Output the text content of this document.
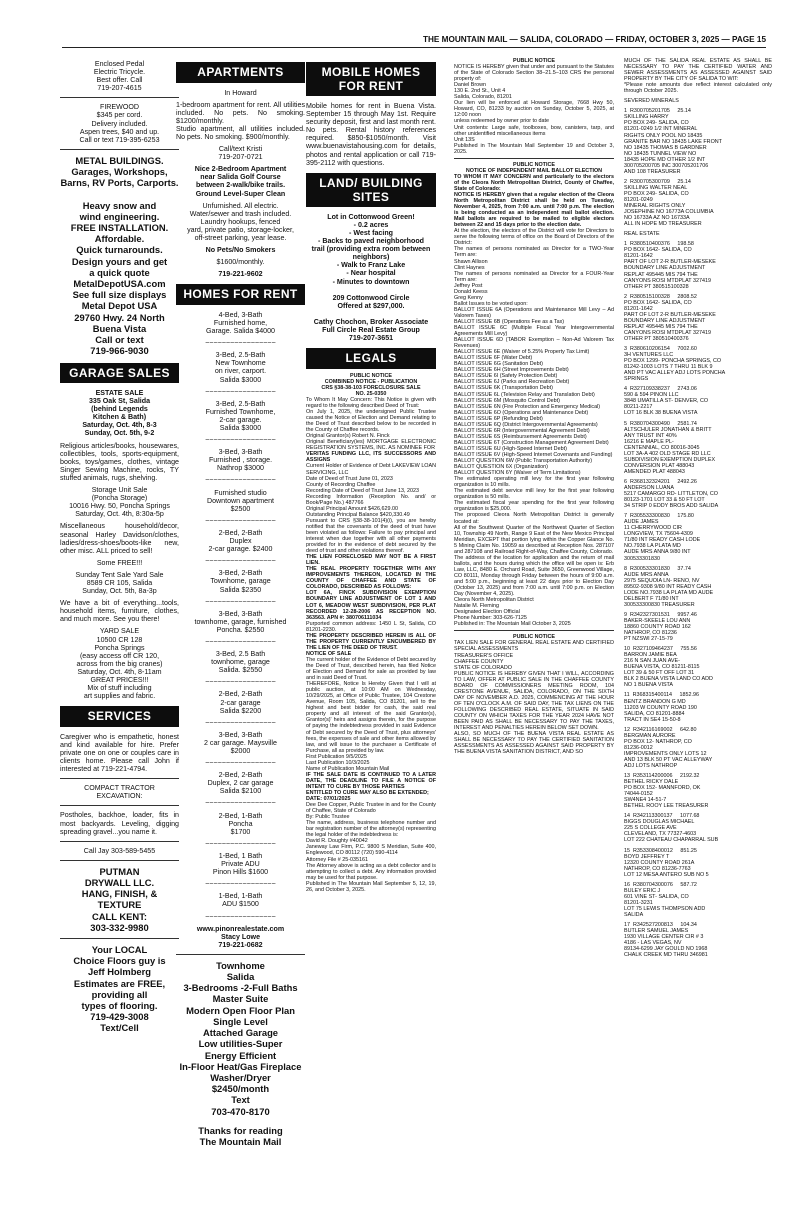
THE MOUNTAIN MAIL — SALIDA, COLORADO — FRIDAY, OCTOBER 3, 2025 — PAGE 15
Enclosed Pedal
Electric Tricycle.
Best offer. Call
719-207-4615
FIREWOOD
$345 per cord.
Delivery included.
Aspen trees, $40 and up.
Call or text 719-395-6253
METAL BUILDINGS.
Garages, Workshops,
Barns, RV Ports, Carports.

Heavy snow and
wind engineering.
FREE INSTALLATION.
Affordable.
Quick turnarounds.
Design yours and get
a quick quote
MetalDepotUSA.com
See full size displays
Metal Depot USA
29760 Hwy. 24 North
Buena Vista
Call or text
719-966-9030
GARAGE SALES
ESTATE SALE
335 Oak St, Salida
(behind Legends
Kitchen & Bath)
Saturday, Oct. 4th, 8-3
Sunday, Oct. 5th, 9-2
Religious articles/books, housewares, collectibles, tools, sports-equipment, books, toys/games, clothes, vintage Singer Sewing Machine, rocks, TY stuffed animals, rugs, shelving.
Storage Unit Sale
(Poncha Storage)
10016 Hwy. 50, Poncha Springs
Saturday, Oct. 4th, 8:30a-5p
Miscellaneous household/decor, seasonal Harley Davidson/clothes, ladies/dress-shoes/boots-like new, other misc. ALL priced to sell!
Some FREE!!!
Sunday Tent Sale Yard Sale
8589 CR 105, Salida
Sunday, Oct. 5th, 8a-3p
We have a bit of everything...tools, household items, furniture, clothes, and much more. See you there!
YARD SALE
10500 CR 128
Poncha Springs
(easy access off CR 120,
across from the big cranes)
Saturday, Oct. 4th, 8-11am
GREAT PRICES!!!
Mix of stuff including
art supplies and fabric.
SERVICES
Caregiver who is empathetic, honest and kind available for hire. Prefer private one on one or couples care in clients home. Please call John if interested at 719-221-4794.
COMPACT TRACTOR
EXCAVATION:
Postholes, backhoe, loader, fits in most backyards. Leveling, digging spreading gravel...you name it.
Call Jay 303-589-5455
PUTMAN
DRYWALL LLC.
HANG, FINISH, &
TEXTURE
CALL KENT:
303-332-9980
Your LOCAL
Choice Floors guy is
Jeff Holmberg
Estimates are FREE,
providing all
types of flooring.
719-429-3008
Text/Cell
APARTMENTS
In Howard
1-bedroom apartment for rent. All utilities included. No pets. No smoking. $1200/monthly.
Studio apartment, all utilities included. No pets. No smoking. $900/monthly.
Call/text Kristi
719-207-0721
Nice 2-Bedroom Apartment
near Salida Golf Course
between 2-walk/bike trails.
Ground Level-Super Clean
Unfurnished. All electric.
Water/sewer and trash included.
Laundry hookups, fenced
yard, private patio, storage-locker,
off-street parking, year lease.
No Pets/No Smokers
$1600/monthly.
719-221-9602
HOMES FOR RENT
4-Bed, 3-Bath
Furnished home,
Garage. Salida $4000
~~~~~~~~~~~~~~~~~
3-Bed, 2.5-Bath
New Townhome
on river, carport.
Salida $3000
~~~~~~~~~~~~~~~~~
3-Bed, 2.5-Bath
Furnished Townhome,
2-car garage.
Salida $3000
~~~~~~~~~~~~~~~~~
3-Bed, 3-Bath
Furnished , storage.
Nathrop $3000
~~~~~~~~~~~~~~~~~
Furnished studio
Downtown apartment
$2500
~~~~~~~~~~~~~~~~~
2-Bed, 2-Bath
Duplex
2-car garage. $2400
~~~~~~~~~~~~~~~~~
3-Bed, 2-Bath
Townhome, garage
Salida $2350
~~~~~~~~~~~~~~~~~
3-Bed, 3-Bath
townhome, garage, furnished
Poncha. $2550
~~~~~~~~~~~~~~~~~
3-Bed, 2.5 Bath
townhome, garage
Salida. $2550
~~~~~~~~~~~~~~~~~
2-Bed, 2-Bath
2-car garage
Salida $2200
~~~~~~~~~~~~~~~~~
3-Bed, 3-Bath
2 car garage. Maysville
$2000
~~~~~~~~~~~~~~~~~
2-Bed, 2-Bath
Duplex, 2 car garage
Salida $2100
~~~~~~~~~~~~~~~~~
2-Bed, 1-Bath
Poncha
$1700
~~~~~~~~~~~~~~~~~
1-Bed, 1 Bath
Private ADU
Pinon Hills $1600
~~~~~~~~~~~~~~~~~
1-Bed, 1-Bath
ADU $1500
~~~~~~~~~~~~~~~~~
www.pinonrealestate.com
Stacy Lowe
719-221-0682
Townhome
Salida
3-Bedrooms -2-Full Baths
Master Suite
Modern Open Floor Plan
Single Level
Attached Garage
Low utilities-Super
Energy Efficient
In-Floor Heat/Gas Fireplace
Washer/Dryer
$2450/month
Text
703-470-8170
Thanks for reading
The Mountain Mail
MOBILE HOMES
FOR RENT
Mobile homes for rent in Buena Vista. September 15 through May 1st. Require security deposit, first and last month rent. No pets. Rental history references required. $850-$1050/month. Visit www.buenavistahousing.com for details, photos and rental application or call 719-395-2112 with questions.
LAND/ BUILDING
SITES
Lot in Cottonwood Green!
- 0.2 acres
- West facing
- Backs to paved neighborhood
trail (providing extra room between
neighbors)
- Walk to Franz Lake
- Near hospital
- Minutes to downtown

209 Cottonwood Circle
Offered at $297,000.

Cathy Chochon, Broker Associate
Full Circle Real Estate Group
719-207-3651
LEGALS
PUBLIC NOTICE
COMBINED NOTICE - PUBLICATION
CRS §38-38-103 FORECLOSURE SALE
NO. 25-0350
To Whom It May Concern: This Notice is given with regard to the following described Deed of Trust:
On July 1, 2025, the undersigned Public Trustee caused the Notice of Election and Demand relating to the Deed of Trust described below to be recorded in the County of Chaffee records.
Original Grantor(s) Robert N. Finck
Original Beneficiary(ies) MORTGAGE ELECTRONIC REGISTRATION SYSTEMS, INC. AS NOMINEE FOR
VERITAS FUNDING LLC, ITS SUCCESSORS AND ASSIGNS
Current Holder of Evidence of Debt LAKEVIEW LOAN SERVICING, LLC
Date of Deed of Trust June 01, 2023
County of Recording Chaffee
Recording Date of Deed of Trust June 13, 2023
Recording Information (Reception No. and/ or Book/Page No.) 487766
Original Principal Amount $426,629.00
Outstanding Principal Balance $420,330.49
Pursuant to CRS §38-38-101(4)(i), you are hereby notified that the covenants of the deed of trust have been violated as follows: Failure to pay principal and interest when due together with all other payments provided for in the evidence of debt secured by the deed of trust and other violations thereof.
THE LIEN FORECLOSED MAY NOT BE A FIRST LIEN.
THE REAL PROPERTY TOGETHER WITH ANY IMPROVEMENTS THEREON, LOCATED IN THE COUNTY OF CHAFFEE AND STATE OF COLORADO, DESCRIBED AS FOLLOWS:
LOT 6A, FINCK SUBDIVISION EXEMPTION BOUNDARY LINE ADJUSTMENT OF LOT 1 AND LOT 6, MEADOW WEST SUBDIVISION, PER PLAT RECORDED 12-28-2006 AS RECEPTION NO. 363563. APN #: 380706111034
Purported common address: 1450 L St, Salida, CO 81201-2230.
THE PROPERTY DESCRIBED HEREIN IS ALL OF THE PROPERTY CURRENTLY ENCUMBERED BY THE LIEN OF THE DEED OF TRUST.
NOTICE OF SALE
The current holder of the Evidence of Debt secured by the Deed of Trust, described herein, has filed Notice of Election and Demand for sale as provided by law and in said Deed of Trust.
THEREFORE, Notice Is Hereby Given that I will at public auction, at 10:00 AM on Wednesday, 10/29/2025, at Office of Public Trustee, 104 Crestone Avenue, Room 105, Salida, CO 81201, sell to the highest and best bidder for cash, the said real property and all interest of the said Grantor(s), Grantor(s)' heirs and assigns therein, for the purpose of paying the indebtedness provided in said Evidence of Debt secured by the Deed of Trust, plus attorneys' fees, the expenses of sale and other items allowed by law, and will issue to the purchaser a Certificate of Purchase, all as provided by law.
First Publication 9/5/2025
Last Publication 10/3/2025
Name of Publication Mountain Mail
IF THE SALE DATE IS CONTINUED TO A LATER DATE, THE DEADLINE TO FILE A NOTICE OF INTENT TO CURE BY THOSE PARTIES
ENTITLED TO CURE MAY ALSO BE EXTENDED;
DATE: 07/01/2025
Dee Dee Copper, Public Trustee in and for the County of Chaffee, State of Colorado
By: Public Trustee
The name, address, business telephone number and bar registration number of the attorney(s) representing the legal holder of the indebtedness is:
David R. Doughty #40042
Janeway Law Firm, P.C. 9800 S Meridian, Suite 400, Englewood, CO 80112 (720) 590-4114
Attorney File # 25-035161
The Attorney above is acting as a debt collector and is attempting to collect a debt. Any information provided may be used for that purpose.
Published in The Mountain Mail September 5, 12, 19, 26, and October 3, 2025.
PUBLIC NOTICE
NOTICE IS HEREBY given that under and pursuant to the Statutes of the State of Colorado Section 38–21.5–103 CRS the personal property of:
Daniel Brown
130 E. 2nd St., Unit 4
Salida, Colorado, 81201
Our lien will be enforced at Howard Storage, 7668 Hwy 50, Howard, CO, 81233 by auction on Sunday, October 5, 2025, at 12:00 noon
unless redeemed by owner prior to date
Unit contents: Large safe, toolboxes, bow, canisters, tarp, and other unidentified miscellaneous items
Unit 13S
Published in The Mountain Mail September 19 and October 3, 2025.
PUBLIC NOTICE
NOTICE OF INDEPENDENT MAIL BALLOT ELECTION
TO WHOM IT MAY CONCERN and particularly to the electors of the Cleora North Metropolitan District, County of Chaffee, State of Colorado:
NOTICE IS HEREBY given that a regular election of the Cleora North Metropolitan District shall be held on Tuesday, November 4, 2025, from 7:00 a.m. until 7:00 p.m. The election is being conducted as an independent mail ballot election. Mail ballots are required to be mailed to eligible electors between 22 and 15 days prior to the election date.
At the election, the electors of the District will vote for Directors to serve the following terms of office on the Board of Directors of the District:
The names of persons nominated as Director for a TWO-Year Term are:
Shawn Allison
Clint Haynes
The names of persons nominated as Director for a FOUR-Year Term are:
Jeffrey Post
Donald Keess
Greg Kenny
Ballot Issues to be voted upon:
BALLOT ISSUE 6A (Operations and Maintenance Mill Levy – Ad Valorem Taxes)
BALLOT ISSUE 6B (Operations Fee as a Tax)
BALLOT ISSUE 6C (Multiple Fiscal Year Intergovernmental Agreements Mill Levy)
BALLOT ISSUE 6D (TABOR Exemption – Non-Ad Valorem Tax Revenues)
BALLOT ISSUE 6E (Waiver of 5.25% Property Tax Limit)
BALLOT ISSUE 6F (Water Debt)
BALLOT ISSUE 6G (Sanitation Debt)
BALLOT ISSUE 6H (Street Improvements Debt)
BALLOT ISSUE 6I (Safety Protection Debt)
BALLOT ISSUE 6J (Parks and Recreation Debt)
BALLOT ISSUE 6K (Transportation Debt)
BALLOT ISSUE 6L (Television Relay and Translation Debt)
BALLOT ISSUE 6M (Mosquito Control Debt)
BALLOT ISSUE 6N (Fire Protection and Emergency Medical)
BALLOT ISSUE 6O (Operations and Maintenance Debt)
BALLOT ISSUE 6P (Refunding Debt)
BALLOT ISSUE 6Q (District Intergovernmental Agreements)
BALLOT ISSUE 6R (Intergovernmental Agreement Debt)
BALLOT ISSUE 6S (Reimbursement Agreements Debt)
BALLOT ISSUE 6T (Construction Management Agreement Debt)
BALLOT ISSUE 6U (High-Speed Internet Debt)
BALLOT ISSUE 6V (High-Speed Internet Covenants and Funding)
BALLOT QUESTION 6W (Public Transportation Authority)
BALLOT QUESTION 6X (Organization)
BALLOT QUESTION 6Y (Waiver of Term Limitations)
The estimated operating mill levy for the first year following organization is 10 mills.
The estimated debt service mill levy for the first year following organization is 50 mills.
The estimated fiscal year spending for the first year following organization is $25,000.
The proposed Cleora North Metropolitan District is generally located at:
All of the Southwest Quarter of the Northwest Quarter of Section 10, Township 49 North, Range 9 East of the New Mexico Principal Meridian, EXCEPT that portion lying within the Copper Glance No. 5 Mining Claim No. 19059 as described at Reception Nos. 287107 and 287108 and Railroad Right-of-Way, Chaffee County, Colorado.
The address of the location for application and the return of mail ballots, and the hours during which the office will be open is: Erb Law, LLC, 8480 E. Orchard Road, Suite 3650, Greenwood Village, CO 80111, Monday through Friday between the hours of 9:00 a.m. and 5:00 p.m., beginning at least 22 days prior to Election Day (October 13, 2025) and from 7:00 a.m. until 7:00 p.m. on Election Day (November 4, 2025).
Cleora North Metropolitan District
Natalie M. Fleming
Designated Election Official
Phone Number: 303-626-7125
Published in: The Mountain Mail October 3, 2025
PUBLIC NOTICE
TAX LIEN SALE FOR GENERAL REAL ESTATE AND CERTIFIED SPECIAL ASSESSMENTS
TREASURER'S OFFICE
CHAFFEE COUNTY
STATE OF COLORADO
PUBLIC NOTICE IS HEREBY GIVEN THAT I WILL, ACCORDING TO LAW, OFFER AT PUBLIC SALE IN THE CHAFFEE COUNTY BOARD OF COMMISSIONERS MEETING ROOM, 104 CRESTONE AVENUE, SALIDA, COLORADO, ON THE SIXTH DAY OF NOVEMBER A.D. 2025, COMMENCING AT THE HOUR OF TEN O'CLOCK A.M. OF SAID DAY, THE TAX LIENS ON THE FOLLOWING DESCRIBED REAL ESTATE, SITUATE IN SAID COUNTY ON WHICH TAXES FOR THE YEAR 2024 HAVE NOT BEEN PAID AS SHALL BE NECESSARY TO PAY THE TAXES, INTEREST AND PENALTIES HEREIN BELOW SET DOWN.
ALSO, SO MUCH OF THE BUENA VISTA REAL ESTATE AS SHALL BE NECESSARY TO PAY THE CERTIFIED SANITATION ASSESSMENTS AS ASSESSED AGAINST SAID PROPERTY BY THE BUENA VISTA SANITATION DISTRICT, AND SO
MUCH OF THE SALIDA REAL ESTATE AS SHALL BE NECESSARY TO PAY THE CERTIFIED WATER AND SEWER ASSESSMENTS AS ASSESSED AGAINST SAID PROPERTY BY THE CITY OF SALIDA TO WIT:
*Please note amounts due reflect interest calculated only through October 2025.
SEVERED MINERALS
1  R300705201705     25.14
SKILLING HARRY
PO BOX 249- SALIDA, CO
81201-0249 1/2 INT MINERAL
RIGHTS ONLY POOL NO 18435
GRANITE BAR NO 18435 LAKE FRONT
NO 18435 THOMAS B GARDNER
NO 18435 TUNNEL VIEW NO
18435 HOPE MD OTHER 1/2 INT
300705200705 INC 300705201706
AND 108 TREASURER
2  R300705300709     25.14
SKILLING WALTER NEAL
PO BOX 249- SALIDA, CO
81201-0249
MINERAL RIGHTS ONLY
JOSEPHINE NO 16773A COLUMBIA
NO 16733A AZ NO 16733A
ALL IN HOPE MD TREASURER
REAL ESTATE
1  R380510400376     198.58
PO BOX 1642- SALIDA, CO
81201-1642
PART OF LOT 2-R BUTLER-MESEKE
BOUNDARY LINE ADJUSTMENT
REPLAT 495445 MIS 794 THE
CANYONS ROSI MTDPLAT 327419
OTHER PT 380515100328
2  R380515100328     2808.52
PO BOX 1642- SALIDA, CO
81201-1642
PART OF LOT 2-R BUTLER-MESEKE
BOUNDARY LINE ADJUSTMENT
REPLAT 495445 MIS 794 THE
CANYONS ROSI MTDPLAT 327419
OTHER PT 380510400376
3  R380610206154     7002.60
3H VENTURES LLC
PO BOX 1299- PONCHA SPRINGS, CO
81242-1003 LOTS 7 THRU 11 BLK 9
AND PT VAC ALLEY ADJ LOTS PONCHA
SPRINGS
4  R327109338237     2743.06
590 & 594 PINON LLC
3848 UMATILLA ST- DENVER, CO
80211-2217
LOT 16 BLK 38 BUENA VISTA
5  R380704300490     2581.74
ALTSCHULER JONATHAN & BRITT
ANY TRUST INT 40%
16216 E MAPLE PL-
CENTENNIAL, CO 80016-3045
LOT 3A-A 402 OLD STAGE RD LLC
SUBDIVISION EXEMPTION DUPLEX
CONVERSION PLAT 488043
AMENDED PLAT 488043
6  R368132324201     2492.26
ANDERSON LUANA
5217 CAMARGO RD- LITTLETON, CO
80123-1701 LOT 33 & 50 FT LOT
34 STRIP 0 EDDY BROS ADD SALIDA
7  R305533300830     175.80
AUDE JAMES
11 CHERRYWOOD CIR
LONGVIEW, TX 75604-4309
71/80 INT READY CASH LODE
NO.7938 LA PLATA MD
AUDE MRS ANNA 9/80 INT
300533301830
8  R300533301830     37.74
AUDE MRS ANNA
2975 SEQUOIA LN- RENO, NV
89502-9308 9/80 INT READY CASH
LODE NO.7938 LA PLATA MD AUDE
DELBERT F 71/80 INT
300533300830 TREASURER
9  R342327301531     9957.46
BAKER-SKEELE LOU ANN
18860 COUNTY ROAD 162
NATHROP, CO 81236
PT NZSWI 27-15-79
10  R327109464237     755.56
BARRON JAMIE BEA
216 N SAN JUAN AVE-
BUENA VISTA, CO 81211-8115
LOT 39 & 50 FT OFF LOT 31
BLK 2 BUENA VISTA LAND CO ADD
NO 1 BUENA VISTA
11  R368315400114     1852.96
BENTZ BRANDON G MD
11203 W COUNTY ROAD 190
SALIDA, CO 81201-8884
TRACT IN SE4 15-50-8
12  R342116169002     642.80
BERGMAN AURORE
PO BOX 12- NATHROP, CO
81236-0012
IMPROVEMENTS ONLY LOTS 12
AND 13 BLK 50 PT VAC ALLEYWAY
ADJ LOTS NATHROP
13  R353114200006     2192.32
BETHEL RICKY DALE
PO BOX 152- MANNFORD, OK
74044-0152
SW4NE4 14-51-7
BETHEL ROOY LEE TREASURER
14  R342113300137     1077.68
BIGGS DOUGLAS MICHAEL
225 S COLLEGE AVE
CLEVELAND, TX 77327-4603
LOT 222 CHATEAU CHAPARRAL SUB
15  R353308400012     851.25
BOYD JEFFREY T
12320 COUNTY ROAD 261A
NATHROP, CO 81236-7763
LOT 12 MESA ANTERO SUB NO 5
16  R380704300076     587.72
BULEY ERIC J
601 VINE ST- SALIDA, CO
81201-3231
LOT 75 LEWIS THOMPSON ADD
SALIDA
17  R342527200813     104.34
BUTLER SAMUEL JAMES
1930 VILLAGE CENTER CIR # 3
4186 - LAS VEGAS, NV
89134-6299 JAY GOULD NO 1968
CHALK CREEK MD THRU 346981
